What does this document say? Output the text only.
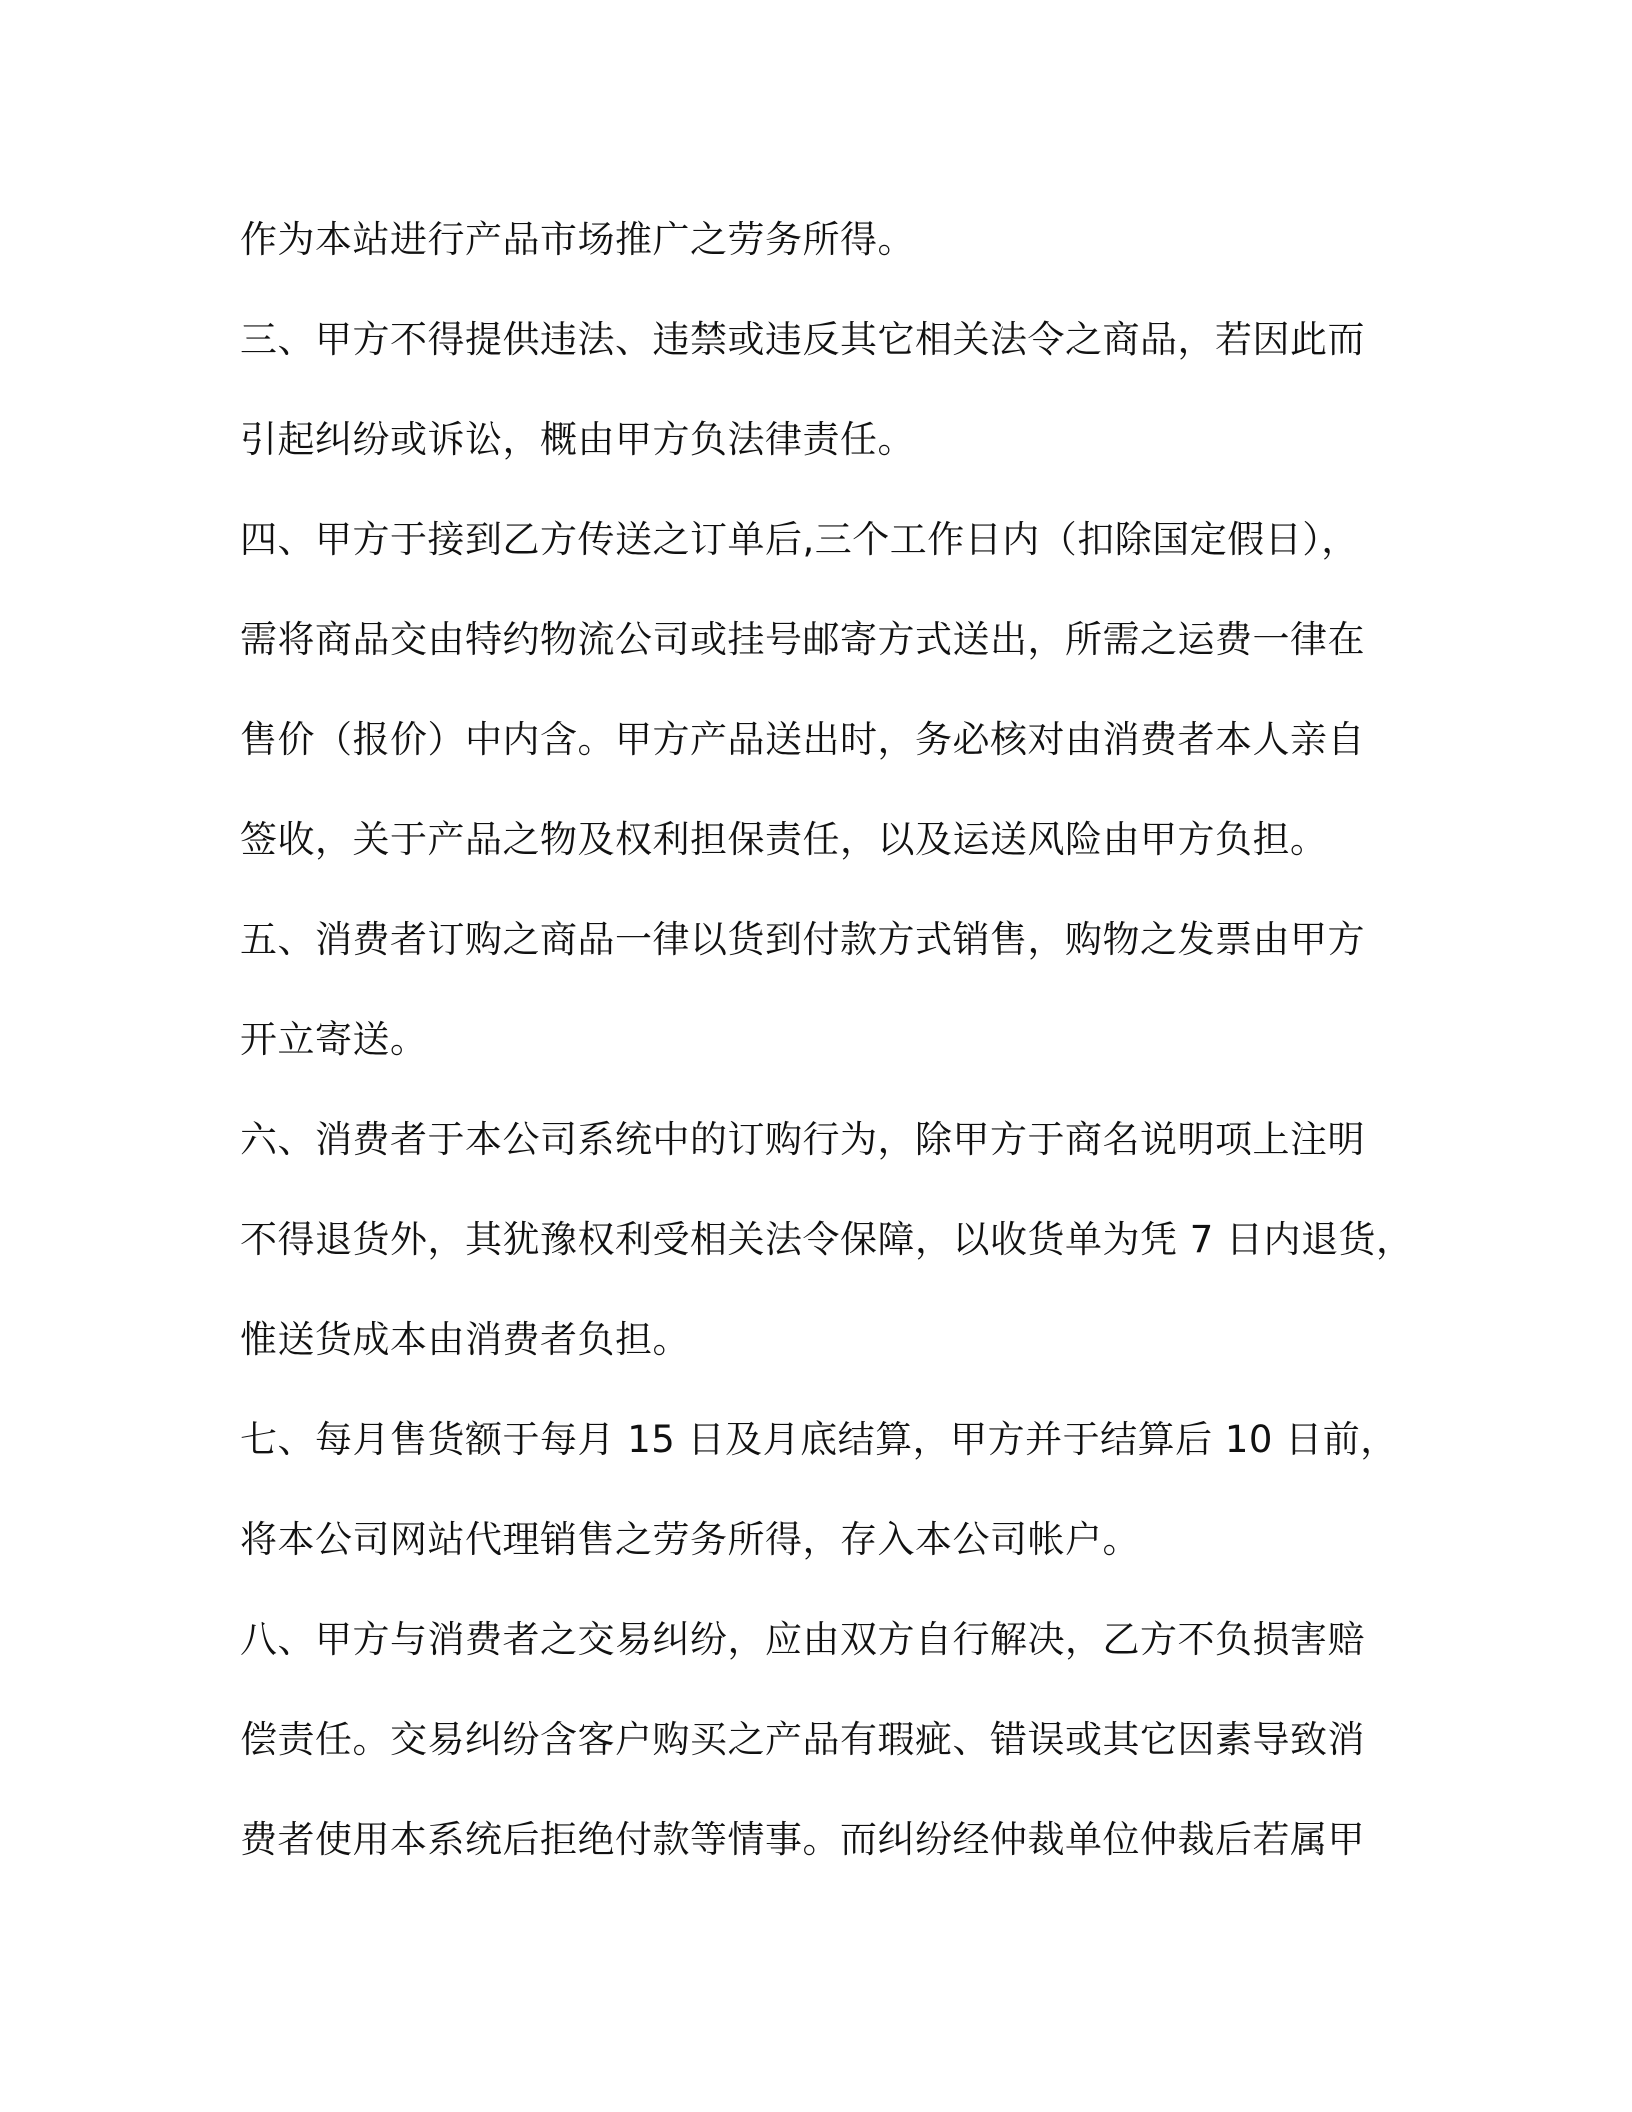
作为本站进行产品市场推广之劳务所得。
三、甲方不得提供违法、违禁或违反其它相关法令之商品，若因此而
引起纠纷或诉讼，概由甲方负法律责任。
四、甲方于接到乙方传送之订单后,三个工作日内（扣除国定假日），
需将商品交由特约物流公司或挂号邮寄方式送出，所需之运费一律在
售价（报价）中内含。甲方产品送出时，务必核对由消费者本人亲自
签收，关于产品之物及权利担保责任，以及运送风险由甲方负担。
五、消费者订购之商品一律以货到付款方式销售，购物之发票由甲方
开立寄送。
六、消费者于本公司系统中的订购行为，除甲方于商名说明项上注明
不得退货外，其犹豫权利受相关法令保障，以收货单为凭 7 日内退货，
惟送货成本由消费者负担。
七、每月售货额于每月 15 日及月底结算，甲方并于结算后 10 日前，
将本公司网站代理销售之劳务所得，存入本公司帐户。
八、甲方与消费者之交易纠纷，应由双方自行解决，乙方不负损害赔
偿责任。交易纠纷含客户购买之产品有瑕疵、错误或其它因素导致消
费者使用本系统后拒绝付款等情事。而纠纷经仲裁单位仲裁后若属甲
